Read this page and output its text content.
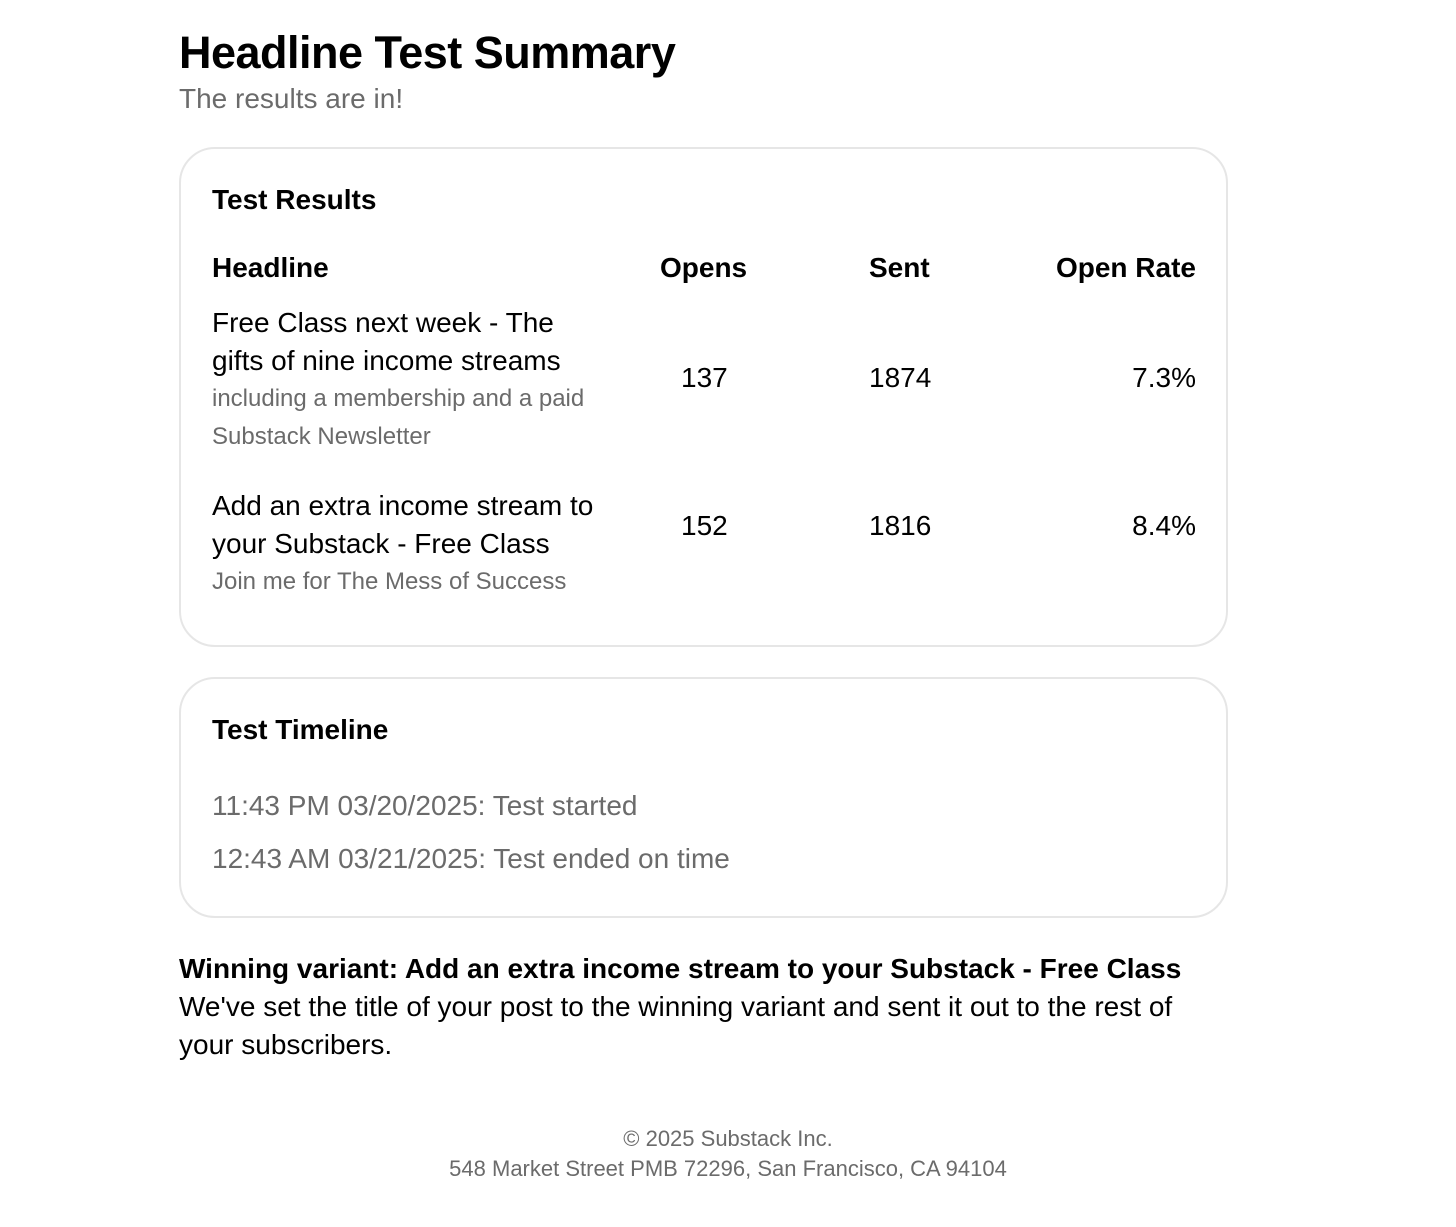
Headline Test Summary
The results are in!
Test Results
Headline	Opens	Sent	Open Rate
Free Class next week - The gifts of nine income streams
including a membership and a paid Substack Newsletter
137	1874	7.3%
Add an extra income stream to your Substack - Free Class
Join me for The Mess of Success
152	1816	8.4%
Test Timeline
11:43 PM 03/20/2025: Test started
12:43 AM 03/21/2025: Test ended on time
Winning variant: Add an extra income stream to your Substack - Free Class
We've set the title of your post to the winning variant and sent it out to the rest of your subscribers.
© 2025 Substack Inc.
548 Market Street PMB 72296, San Francisco, CA 94104
